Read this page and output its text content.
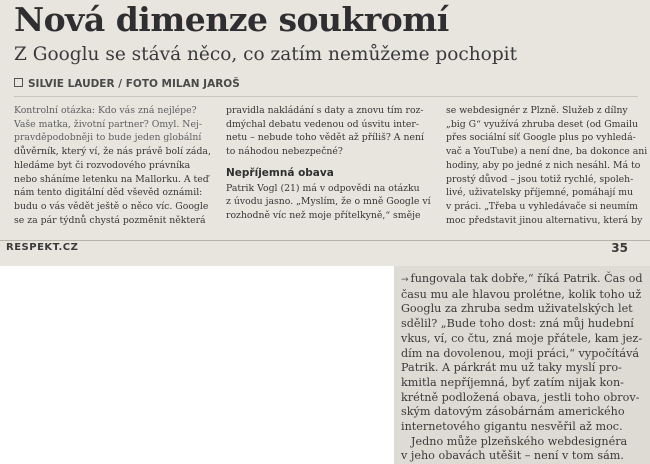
Nová dimenze soukromí
Z Googlu se stává něco, co zatím nemůžeme pochopit
SILVIE LAUDER / FOTO MILAN JAROŠ
Kontrolní otázka: Kdo vás zná nejlépe?
Vaše matka, životní partner? Omyl. Nej-
pravděpodobněji to bude jeden globální
důvěrník, který ví, že nás právě bolí záda,
hledáme byt či rozvodového právníka
nebo sháníme letenku na Mallorku. A teď
nám tento digitální děd vševěd oznámil:
budu o vás vědět ještě o něco víc. Google
se za pár týdnů chystá pozměnit některá

pravidla nakládání s daty a znovu tím roz-
dmýchal debatu vedenou od úsvitu inter-
netu – nebude toho vědět až příliš? A není
to náhodou nebezpečné?

Nepříjemná obava
Patrik Vogl (21) má v odpovědi na otázku
z úvodu jasno. „Myslím, že o mně Google ví
rozhodně víc než moje přítelkyně,“ směje

se webdesignér z Plzně. Služeb z dílny
„big G“ využívá zhruba deset (od Gmailu
přes sociální síť Google plus po vyhledá-
vač a YouTube) a není dne, ba dokonce ani
hodiny, aby po jedné z nich nesáhl. Má to
prostý důvod – jsou totiž rychlé, spoleh-
livé, uživatelsky příjemné, pomáhají mu
v práci. „Třeba u vyhledávače si neumím
moc představit jinou alternativu, která by

RESPEKT.CZ	35
→ fungovala tak dobře,“ říká Patrik. Čas od
času mu ale hlavou prolétne, kolik toho už
Googlu za zhruba sedm uživatelských let
sdělil? „Bude toho dost: zná můj hudební
vkus, ví, co čtu, zná moje přátele, kam jez-
dím na dovolenou, moji práci,“ vypočítává
Patrik. A párkrát mu už taky myslí pro-
kmitla nepříjemná, byť zatím nijak kon-
krétně podložená obava, jestli toho obrov-
ským datovým zásobárnám amerického
internetového gigantu nesvěřil až moc.
Jedno může plzeňského webdesignéra
v jeho obavách utěšit – není v tom sám.
